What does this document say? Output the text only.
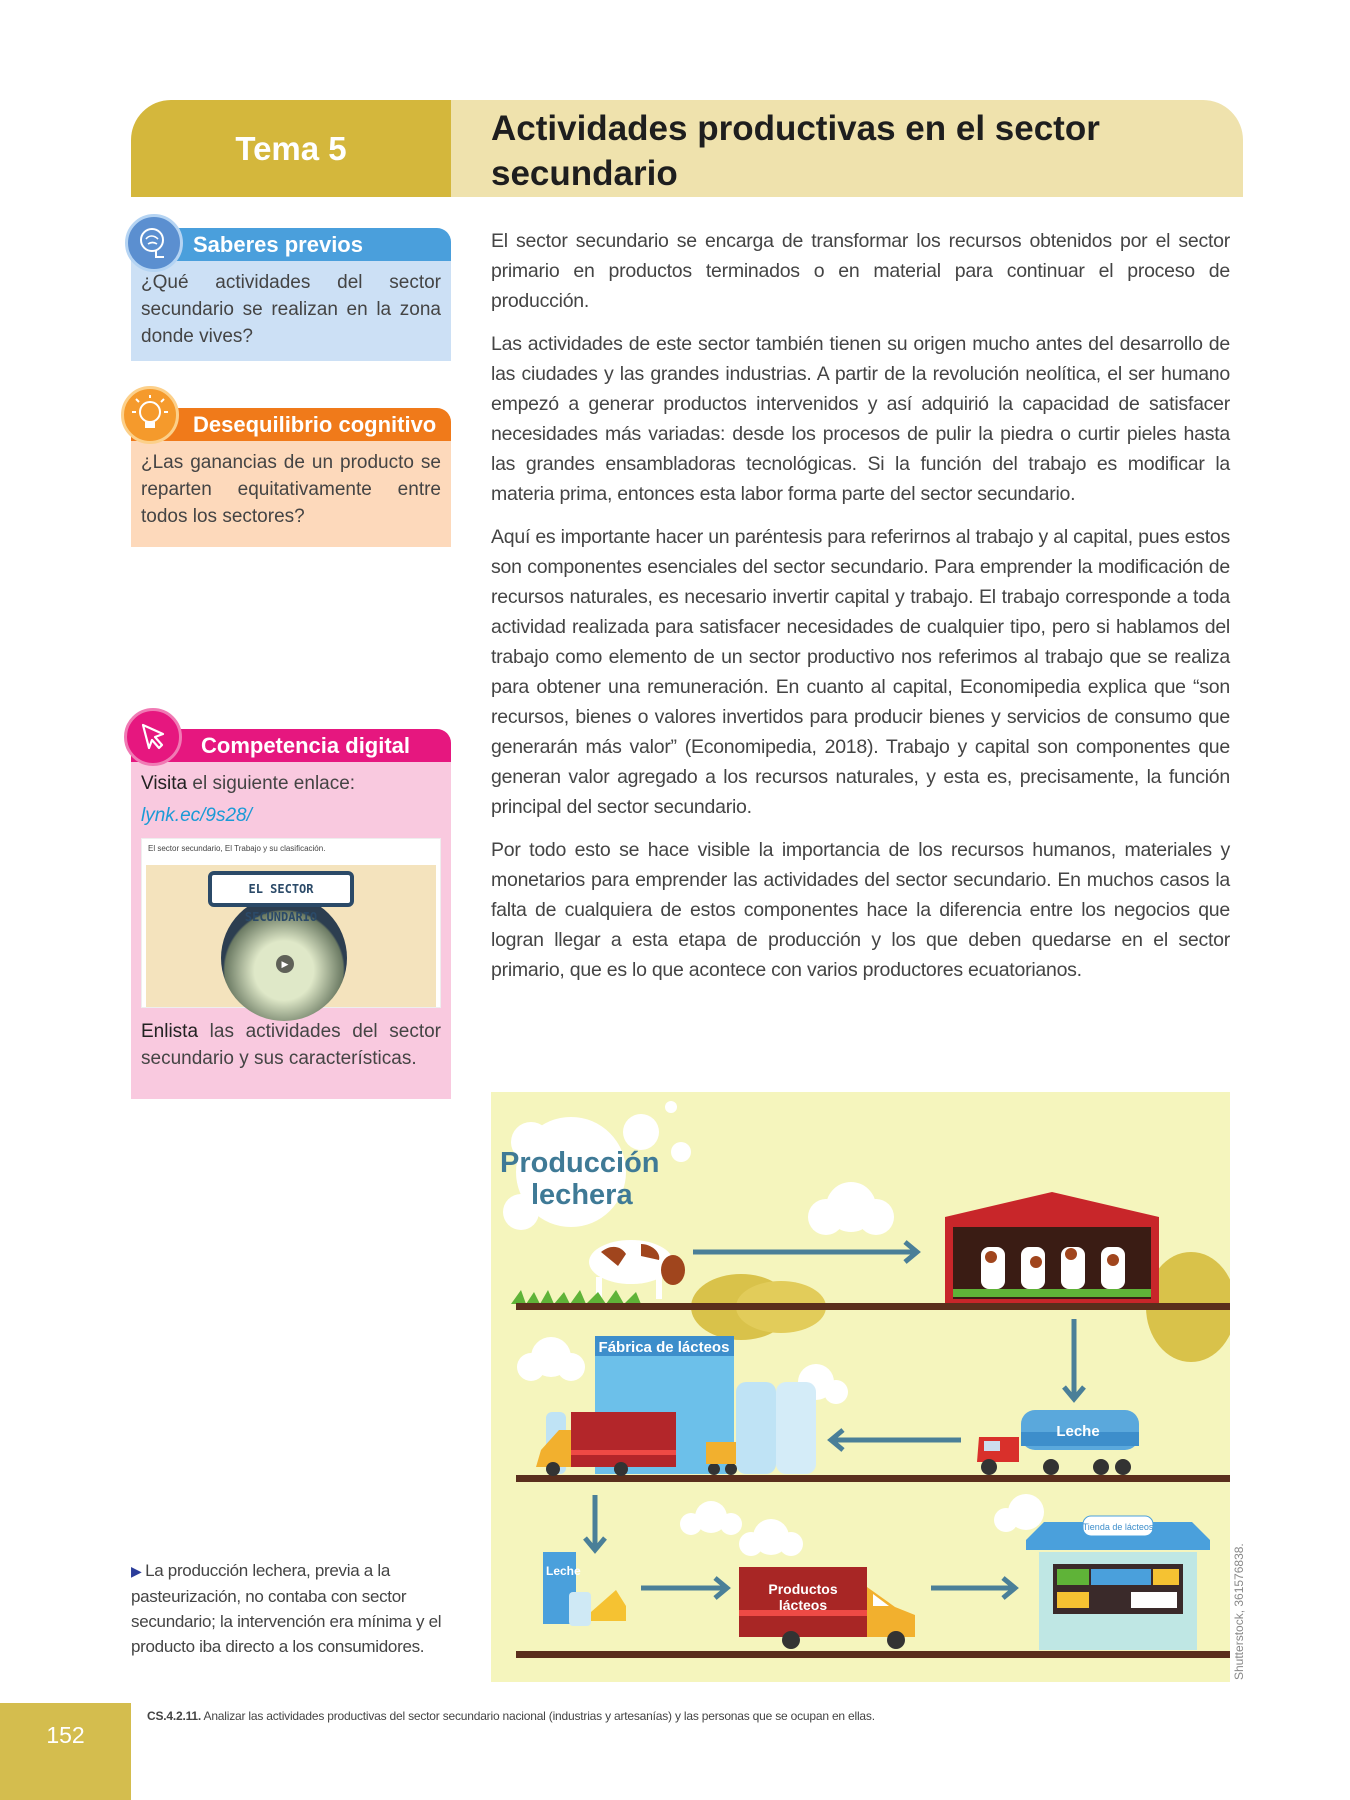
Tema 5	Actividades productivas en el sector secundario
Saberes previos
¿Qué actividades del sector secundario se realizan en la zona donde vives?
Desequilibrio cognitivo
¿Las ganancias de un producto se reparten equitativamente entre todos los sectores?
Competencia digital
Visita el siguiente enlace:
lynk.ec/9s28/
El sector secundario, El Trabajo y su clasificación.
EL SECTOR SECUNDARIO
▶
Enlista las actividades del sector secundario y sus características.

El sector secundario se encarga de transformar los recursos obtenidos por el sector primario en productos terminados o en material para continuar el proceso de producción.

Las actividades de este sector también tienen su origen mucho antes del desarrollo de las ciudades y las grandes industrias. A partir de la revolución neolítica, el ser humano empezó a generar productos intervenidos y así adquirió la capacidad de satisfacer necesidades más variadas: desde los procesos de pulir la piedra o curtir pieles hasta las grandes ensambladoras tecnológicas. Si la función del trabajo es modificar la materia prima, entonces esta labor forma parte del sector secundario.

Aquí es importante hacer un paréntesis para referirnos al trabajo y al capital, pues estos son componentes esenciales del sector secundario. Para emprender la modificación de recursos naturales, es necesario invertir capital y trabajo. El trabajo corresponde a toda actividad realizada para satisfacer necesidades de cualquier tipo, pero si hablamos del trabajo como elemento de un sector productivo nos referimos al trabajo que se realiza para obtener una remuneración. En cuanto al capital, Economipedia explica que “son recursos, bienes o valores invertidos para producir bienes y servicios de consumo que generarán más valor” (Economipedia, 2018). Trabajo y capital son componentes que generan valor agregado a los recursos naturales, y esta es, precisamente, la función principal del sector secundario.

Por todo esto se hace visible la importancia de los recursos humanos, materiales y monetarios para emprender las actividades del sector secundario. En muchos casos la falta de cualquiera de estos componentes hace la diferencia entre los negocios que logran llegar a esta etapa de producción y los que deben quedarse en el sector primario, que es lo que acontece con varios productores ecuatorianos.

Producción
lechera
Leche
Fábrica de lácteos
Leche
Productos
lácteos
Tienda de lácteos
Shutterstock, 361576838.
▶ La producción lechera, previa a la pasteurización, no contaba con sector secundario; la intervención era mínima y el producto iba directo a los consumidores.
152
CS.4.2.11. Analizar las actividades productivas del sector secundario nacional (industrias y artesanías) y las personas que se ocupan en ellas.
